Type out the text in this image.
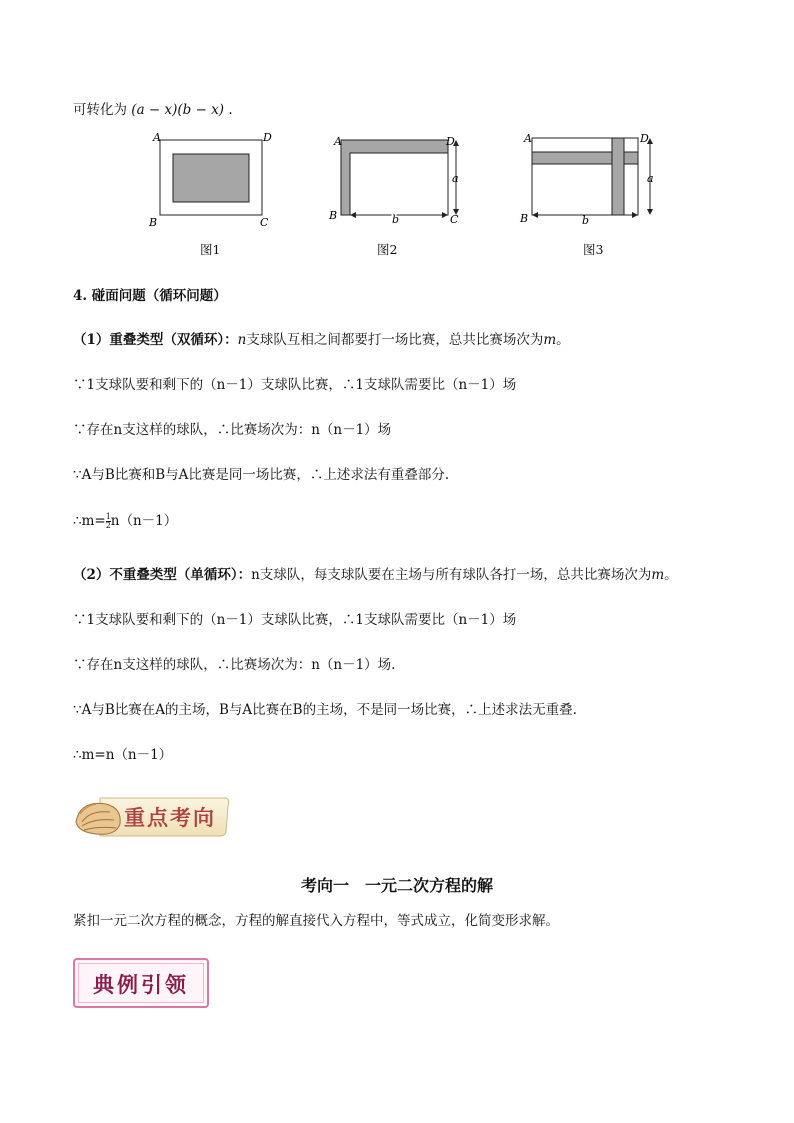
可转化为 (a − x)(b − x) .
A	D
B	C
图1
a
b
A	D
B	C
图2
a
b
A	D
B
图3
4. 碰面问题（循环问题）
（1）重叠类型（双循环）：n支球队互相之间都要打一场比赛，总共比赛场次为m。
∵1支球队要和剩下的（n－1）支球队比赛，∴1支球队需要比（n－1）场
∵存在n支这样的球队，∴比赛场次为：n（n－1）场
∵A与B比赛和B与A比赛是同一场比赛，∴上述求法有重叠部分.
∴m= $\frac{1}{2} n(n-1)$
（2）不重叠类型（单循环）：n支球队，每支球队要在主场与所有球队各打一场，总共比赛场次为m。
∵1支球队要和剩下的（n－1）支球队比赛，∴1支球队需要比（n－1）场
∵存在n支这样的球队，∴比赛场次为：n（n－1）场.
∵A与B比赛在A的主场，B与A比赛在B的主场，不是同一场比赛，∴上述求法无重叠.
∴m=n（n－1）
重点考向
考向一　一元二次方程的解
紧扣一元二次方程的概念，方程的解直接代入方程中，等式成立，化简变形求解。
典例引领
